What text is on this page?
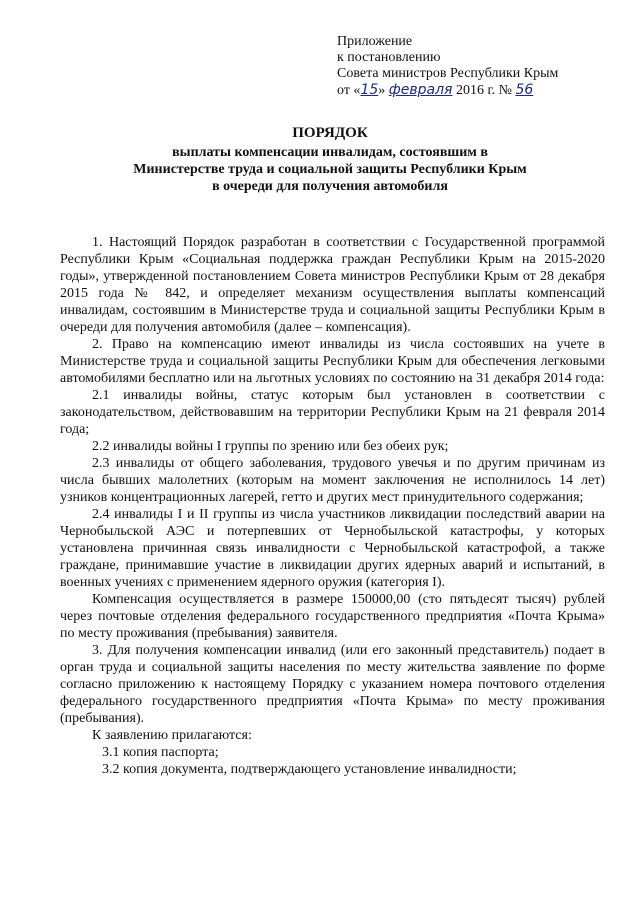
Приложение
к постановлению
Совета министров Республики Крым
от «15» февраля 2016 г. № 56
ПОРЯДОК
выплаты компенсации инвалидам, состоявшим в
Министерстве труда и социальной защиты Республики Крым
в очереди для получения автомобиля

1. Настоящий Порядок разработан в соответствии с Государственной программой Республики Крым «Социальная поддержка граждан Республики Крым на 2015-2020 годы», утвержденной постановлением Совета министров Республики Крым от 28 декабря 2015 года № 842, и определяет механизм осуществления выплаты компенсаций инвалидам, состоявшим в Министерстве труда и социальной защиты Республики Крым в очереди для получения автомобиля (далее – компенсация).

2. Право на компенсацию имеют инвалиды из числа состоявших на учете в Министерстве труда и социальной защиты Республики Крым для обеспечения легковыми автомобилями бесплатно или на льготных условиях по состоянию на 31 декабря 2014 года:

2.1 инвалиды войны, статус которым был установлен в соответствии с законодательством, действовавшим на территории Республики Крым на 21 февраля 2014 года;

2.2 инвалиды войны I группы по зрению или без обеих рук;

2.3 инвалиды от общего заболевания, трудового увечья и по другим причинам из числа бывших малолетних (которым на момент заключения не исполнилось 14 лет) узников концентрационных лагерей, гетто и других мест принудительного содержания;

2.4 инвалиды I и II группы из числа участников ликвидации последствий аварии на Чернобыльской АЭС и потерпевших от Чернобыльской катастрофы, у которых установлена причинная связь инвалидности с Чернобыльской катастрофой, а также граждане, принимавшие участие в ликвидации других ядерных аварий и испытаний, в военных учениях с применением ядерного оружия (категория I).

Компенсация осуществляется в размере 150000,00 (сто пятьдесят тысяч) рублей через почтовые отделения федерального государственного предприятия «Почта Крыма» по месту проживания (пребывания) заявителя.

3. Для получения компенсации инвалид (или его законный представитель) подает в орган труда и социальной защиты населения по месту жительства заявление по форме согласно приложению к настоящему Порядку с указанием номера почтового отделения федерального государственного предприятия «Почта Крыма» по месту проживания (пребывания).

К заявлению прилагаются:

3.1 копия паспорта;

3.2 копия документа, подтверждающего установление инвалидности;
